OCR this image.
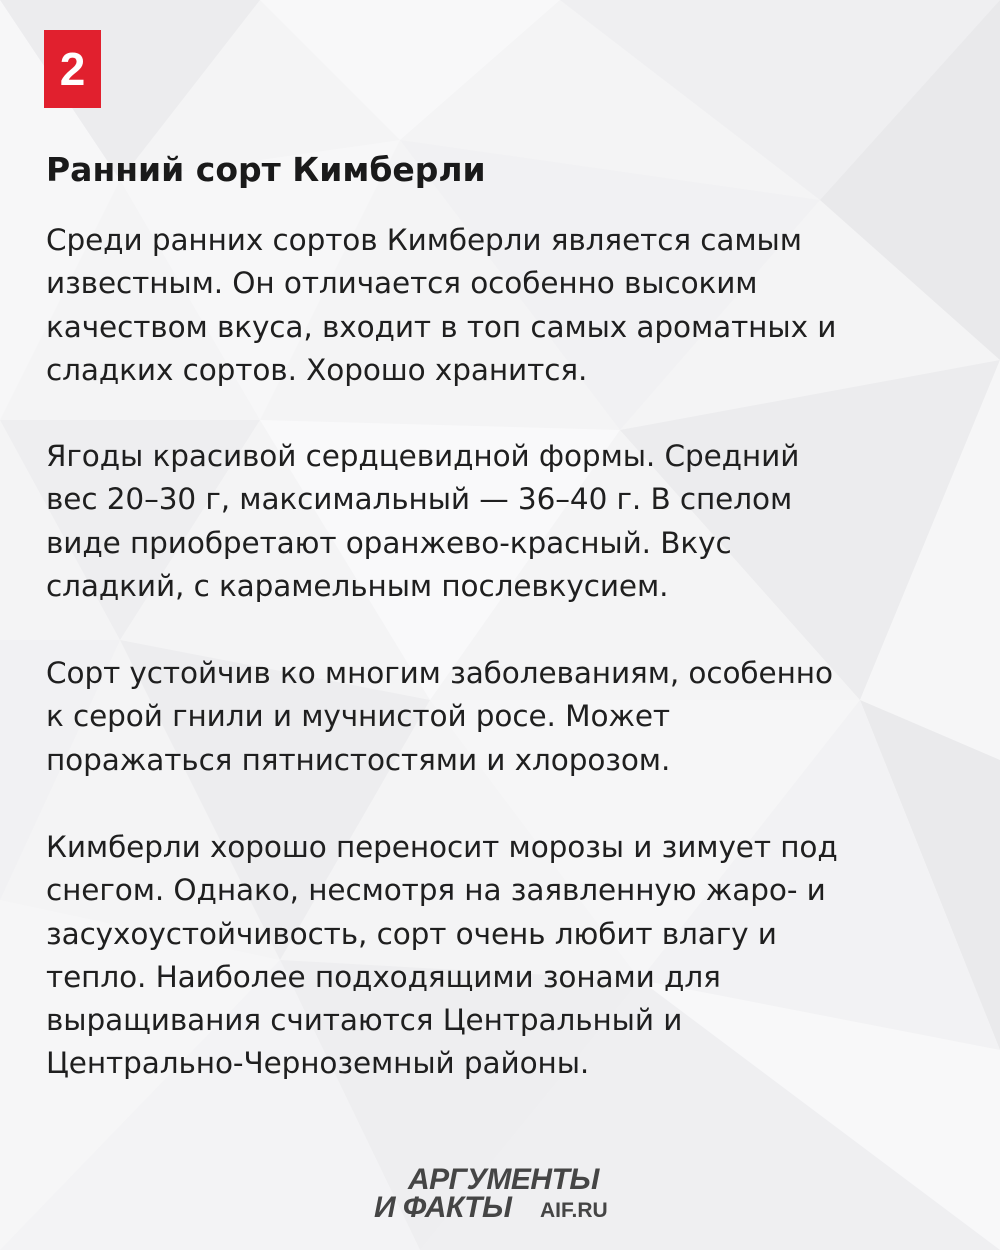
2
Ранний сорт Кимберли

Среди ранних сортов Кимберли является самым
известным. Он отличается особенно высоким
качеством вкуса, входит в топ самых ароматных и
сладких сортов. Хорошо хранится.

Ягоды красивой сердцевидной формы. Средний
вес 20–30 г, максимальный — 36–40 г. В спелом
виде приобретают оранжево-красный. Вкус
сладкий, с карамельным послевкусием.

Сорт устойчив ко многим заболеваниям, особенно
к серой гнили и мучнистой росе. Может
поражаться пятнистостями и хлорозом.

Кимберли хорошо переносит морозы и зимует под
снегом. Однако, несмотря на заявленную жаро- и
засухоустойчивость, сорт очень любит влагу и
тепло. Наиболее подходящими зонами для
выращивания считаются Центральный и
Центрально-Черноземный районы.

АРГУМЕНТЫ
И ФАКТЫ AIF.RU
